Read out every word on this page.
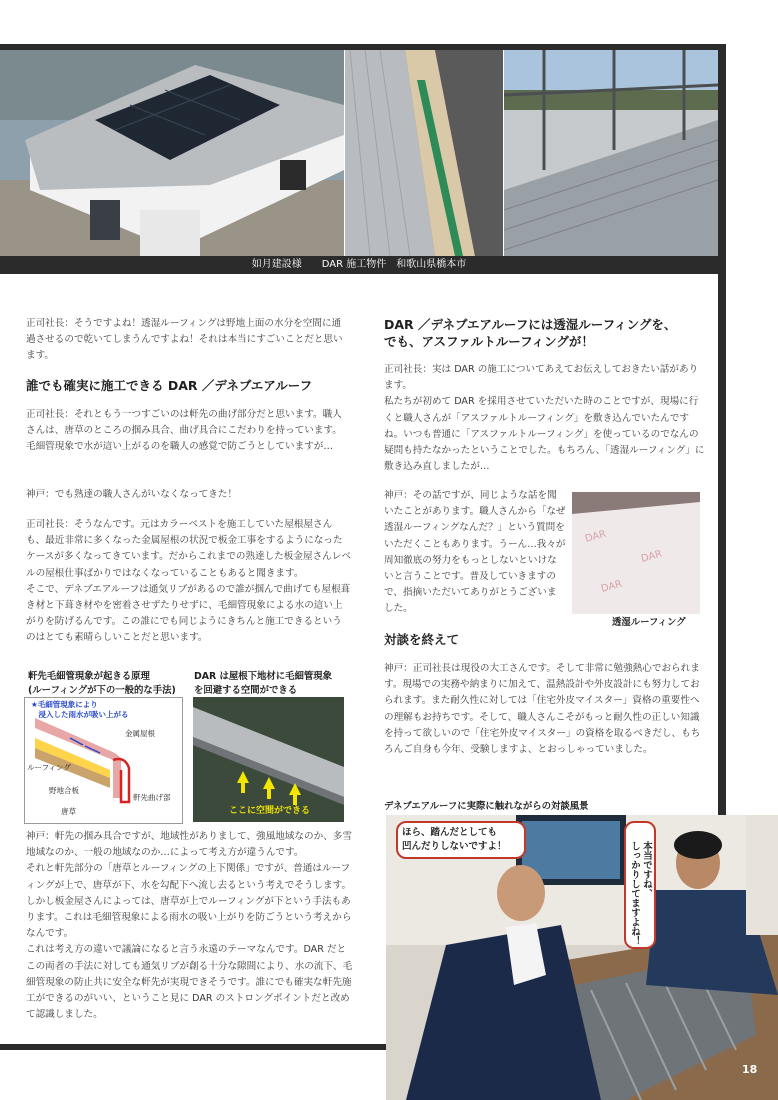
如月建設様　　DAR 施工物件　和歌山県橋本市
正司社長：そうですよね！透湿ルーフィングは野地上面の水分を空間に通過させるので乾いてしまうんですよね！それは本当にすごいことだと思います。
誰でも確実に施工できる DAR ／デネブエアルーフ
正司社長：それともう一つすごいのは軒先の曲げ部分だと思います。職人さんは、唐草のところの掴み具合、曲げ具合にこだわりを持っています。毛細管現象で水が這い上がるのを職人の感覚で防ごうとしていますが…
神戸：でも熟達の職人さんがいなくなってきた！
正司社長：そうなんです。元はカラーベストを施工していた屋根屋さんも、最近非常に多くなった金属屋根の状況で板金工事をするようになったケースが多くなってきています。だからこれまでの熟達した板金屋さんレベルの屋根仕事ばかりではなくなっていることもあると聞きます。
そこで、デネブエアルーフは通気リブがあるので誰が掴んで曲げても屋根葺き材と下葺き材やを密着させずたりせずに、毛細管現象による水の這い上がりを防げるんです。この誰にでも同じようにきちんと施工できるというのはとても素晴らしいことだと思います。
軒先毛細管現象が起きる原理
(ルーフィングが下の一般的な手法)
★毛細管現象により
　浸入した雨水が吸い上がる
金属屋根
ルーフィング
野地合板
軒先曲げ部
唐草
DAR は屋根下地材に毛細管現象
を回避する空間ができる
ここに空間ができる
神戸：軒先の掴み具合ですが、地域性がありまして、強風地域なのか、多雪地域なのか、一般の地域なのか…によって考え方が違うんです。
それと軒先部分の「唐草とルーフィングの上下関係」ですが、普通はルーフィングが上で、唐草が下、水を勾配下へ流し去るという考えでそうします。しかし板金屋さんによっては、唐草が上でルーフィングが下という手法もあります。これは毛細管現象による雨水の吸い上がりを防ごうという考えからなんです。
これは考え方の違いで議論になると言う永遠のテーマなんです。DAR だとこの両者の手法に対しても通気リブが創る十分な隙間により、水の流下、毛細管現象の防止共に安全な軒先が実現できそうです。誰にでも確実な軒先施工ができるのがいい、ということ見に DAR のストロングポイントだと改めて認識しました。
DAR ／デネブエアルーフには透湿ルーフィングを、
でも、アスファルトルーフィングが！
正司社長：実は DAR の施工についてあえてお伝えしておきたい話があります。
私たちが初めて DAR を採用させていただいた時のことですが、現場に行くと職人さんが「アスファルトルーフィング」を敷き込んでいたんですね。いつも普通に「アスファルトルーフィング」を使っているのでなんの疑問も持たなかったということでした。もちろん、「透湿ルーフィング」に敷き込み直しましたが…
神戸：その話ですが、同じような話を聞いたことがあります。職人さんから「なぜ透湿ルーフィングなんだ？」という質問をいただくこともあります。うーん…我々が周知徹底の努力をもっとしないといけないと言うことです。普及していきますので、指摘いただいてありがとうございました。
DAR
DAR
DAR
透湿ルーフィング
対談を終えて
神戸：正司社長は現役の大工さんです。そして非常に勉強熱心でおられます。現場での実務や納まりに加えて、温熱設計や外皮設計にも努力しておられます。また耐久性に対しては「住宅外皮マイスター」資格の重要性への理解もお持ちです。そして、職人さんこそがもっと耐久性の正しい知識を持って欲しいので「住宅外皮マイスター」の資格を取るべきだし、もちろんご自身も今年、受験しますよ、とおっしゃっていました。
デネブエアルーフに実際に触れながらの対談風景
ほら、踏んだとしても
凹んだりしないですよ！	本当ですね、
しっかりしてますよね！

18
